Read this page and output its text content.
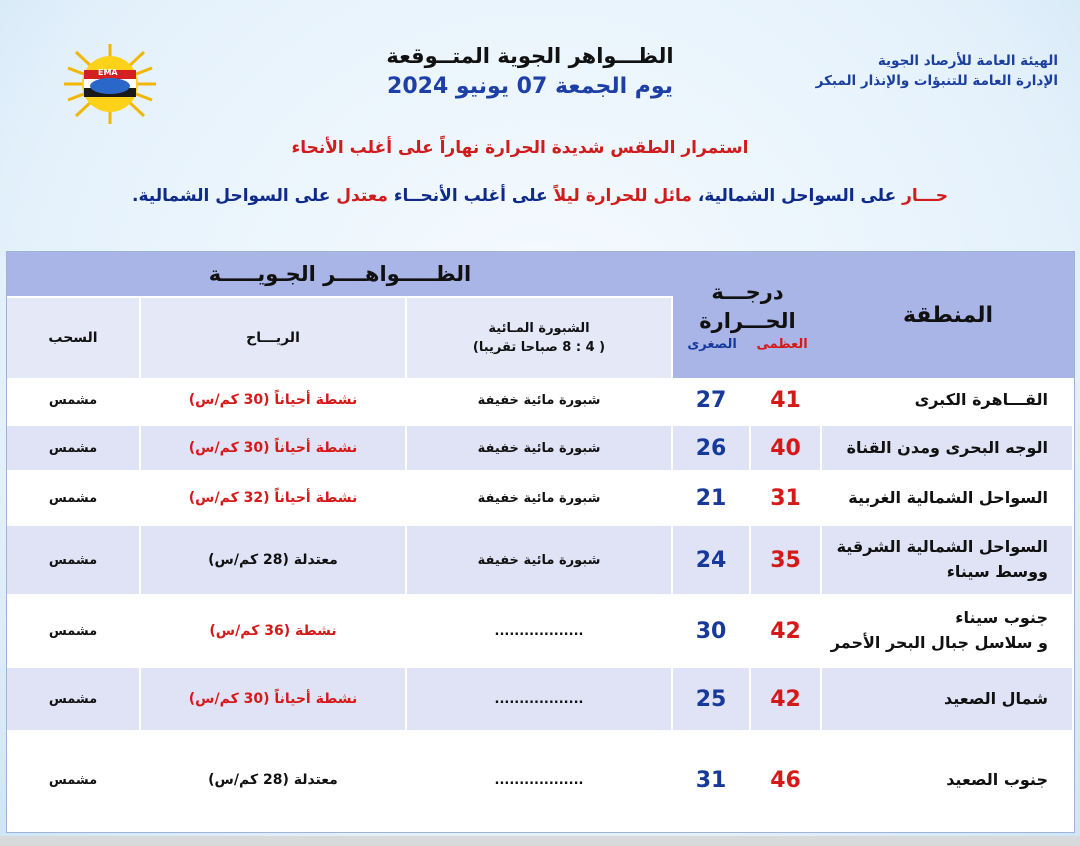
EMA
الهيئة العامة للأرصاد الجوية
الإدارة العامة للتنبؤات والإنذار المبكر
الظـــواهر الجوية المتــوقعة
يوم الجمعة 07 يونيو 2024
استمرار الطقس شديدة الحرارة نهاراً على أغلب الأنحاء
حـــار على السواحل الشمالية، مائل للحرارة ليلاً على أغلب الأنحــاء معتدل على السواحل الشمالية.
المنطقة
درجـــة الحـــرارة
العظمى
الصغرى
الظـــــواهــــر الجـويـــــة
الشبورة المـائية
( 4 : 8 صباحا تقريبا)
الريـــاح
السحب
القـــاهرة الكبرى
41
27
شبورة مائية خفيفة
نشطة أحياناً (30 كم/س)
مشمس
الوجه البحرى ومدن القناة
40
26
شبورة مائية خفيفة
نشطة أحياناً (30 كم/س)
مشمس
السواحل الشمالية الغربية
31
21
شبورة مائية خفيفة
نشطة أحياناً (32 كم/س)
مشمس
السواحل الشمالية الشرقية
ووسط سيناء
35
24
شبورة مائية خفيفة
معتدلة (28 كم/س)
مشمس
جنوب سيناء
و سلاسل جبال البحر الأحمر
42
30
..................
نشطة (36 كم/س)
مشمس
شمال الصعيد
42
25
..................
نشطة أحياناً (30 كم/س)
مشمس
جنوب الصعيد
46
31
..................
معتدلة (28 كم/س)
مشمس
